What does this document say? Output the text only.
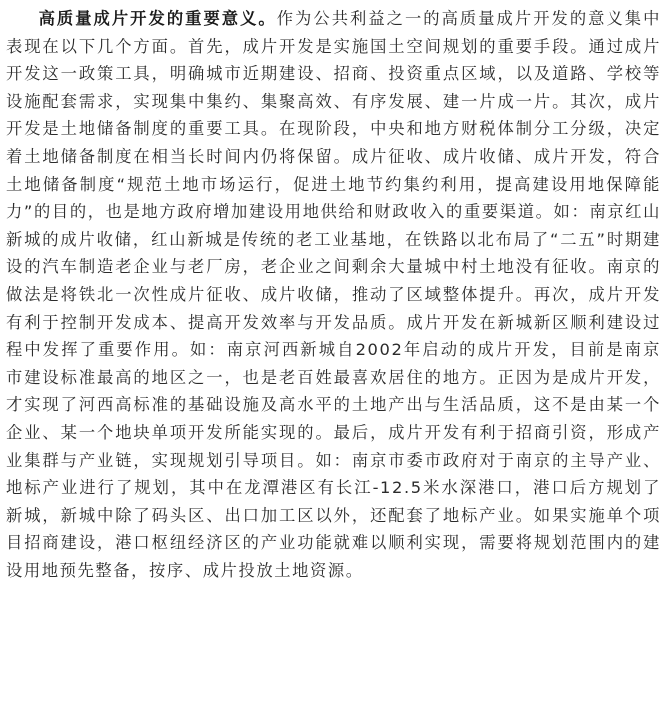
高质量成片开发的重要意义。作为公共利益之一的高质量成片开发的意义集中表现在以下几个方面。首先，成片开发是实施国土空间规划的重要手段。通过成片开发这一政策工具，明确城市近期建设、招商、投资重点区域，以及道路、学校等设施配套需求，实现集中集约、集聚高效、有序发展、建一片成一片。其次，成片开发是土地储备制度的重要工具。在现阶段，中央和地方财税体制分工分级，决定着土地储备制度在相当长时间内仍将保留。成片征收、成片收储、成片开发，符合土地储备制度“规范土地市场运行，促进土地节约集约利用，提高建设用地保障能力”的目的，也是地方政府增加建设用地供给和财政收入的重要渠道。如：南京红山新城的成片收储，红山新城是传统的老工业基地，在铁路以北布局了“二五”时期建设的汽车制造老企业与老厂房，老企业之间剩余大量城中村土地没有征收。南京的做法是将铁北一次性成片征收、成片收储，推动了区域整体提升。再次，成片开发有利于控制开发成本、提高开发效率与开发品质。成片开发在新城新区顺利建设过程中发挥了重要作用。如：南京河西新城自2002年启动的成片开发，目前是南京市建设标准最高的地区之一，也是老百姓最喜欢居住的地方。正因为是成片开发，才实现了河西高标准的基础设施及高水平的土地产出与生活品质，这不是由某一个企业、某一个地块单项开发所能实现的。最后，成片开发有利于招商引资，形成产业集群与产业链，实现规划引导项目。如：南京市委市政府对于南京的主导产业、地标产业进行了规划，其中在龙潭港区有长江-12.5米水深港口，港口后方规划了新城，新城中除了码头区、出口加工区以外，还配套了地标产业。如果实施单个项目招商建设，港口枢纽经济区的产业功能就难以顺利实现，需要将规划范围内的建设用地预先整备，按序、成片投放土地资源。
